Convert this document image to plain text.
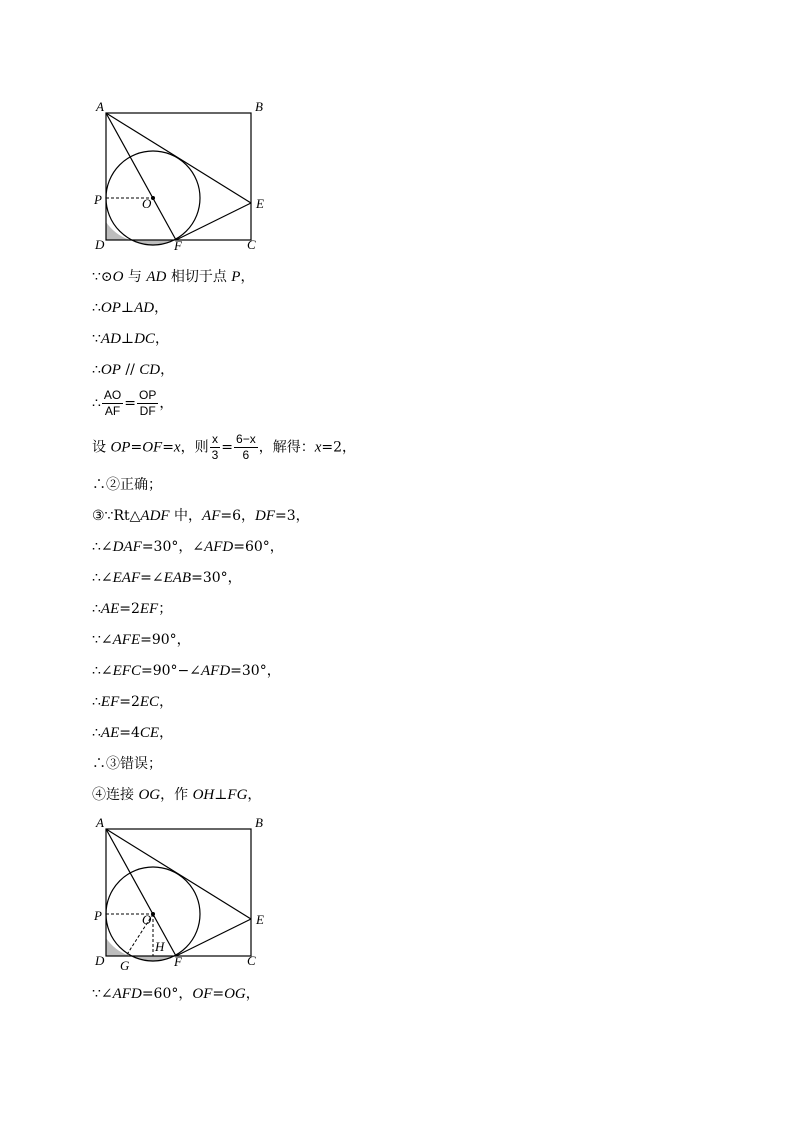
A	B
C
D
E
F
P	O
∵⊙O 与 AD 相切于点 P，
∴OP⊥AD，
∵AD⊥DC，
∴OP // CD，
∴ $\frac{AO}{AF} = \frac{OP}{DF}$ ，
设 OP=OF=x，则 $\frac{x}{3} = \frac{6-x}{6}$ ，解得：x=2，
∴②正确；
③∵Rt△ADF 中，AF=6，DF=3，
∴∠DAF=30°，∠AFD=60°，
∴∠EAF=∠EAB=30°，
∴AE=2EF；
∵∠AFE=90°，
∴∠EFC=90°−∠AFD=30°，
∴EF=2EC，
∴AE=4CE，
∴③错误；
④连接 OG，作 OH⊥FG，
A	B
C
D
E
F
P	O
G
H
∵∠AFD=60°，OF=OG，
